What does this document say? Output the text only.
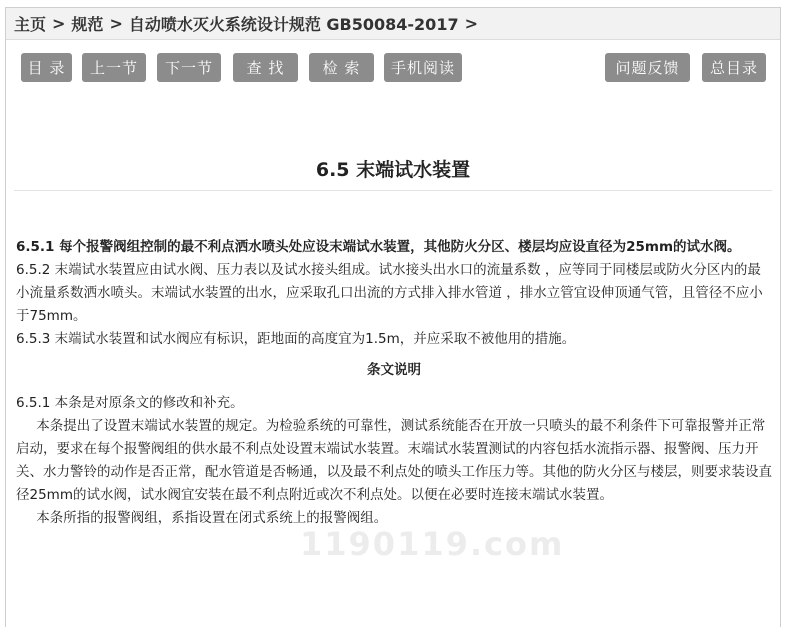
主页 > 规范 > 自动喷水灭火系统设计规范 GB50084-2017 >
目 录	上一节	下一节	查 找	检 索	手机阅读	问题反馈	总目录
6.5 末端试水装置

6.5.1 每个报警阀组控制的最不利点洒水喷头处应设末端试水装置，其他防火分区、楼层均应设直径为25mm的试水阀。

6.5.2 末端试水装置应由试水阀、压力表以及试水接头组成。试水接头出水口的流量系数 ，应等同于同楼层或防火分区内的最小流量系数洒水喷头。末端试水装置的出水，应采取孔口出流的方式排入排水管道 ，排水立管宜设伸顶通气管，且管径不应小于75mm。

6.5.3 末端试水装置和试水阀应有标识，距地面的高度宜为1.5m，并应采取不被他用的措施。

条文说明

6.5.1 本条是对原条文的修改和补充。

本条提出了设置末端试水装置的规定。为检验系统的可靠性，测试系统能否在开放一只喷头的最不利条件下可靠报警并正常启动，要求在每个报警阀组的供水最不利点处设置末端试水装置。末端试水装置测试的内容包括水流指示器、报警阀、压力开关、水力警铃的动作是否正常，配水管道是否畅通，以及最不利点处的喷头工作压力等。其他的防火分区与楼层，则要求装设直径25mm的试水阀，试水阀宜安装在最不利点附近或次不利点处。以便在必要时连接末端试水装置。

本条所指的报警阀组，系指设置在闭式系统上的报警阀组。

1190119.com
